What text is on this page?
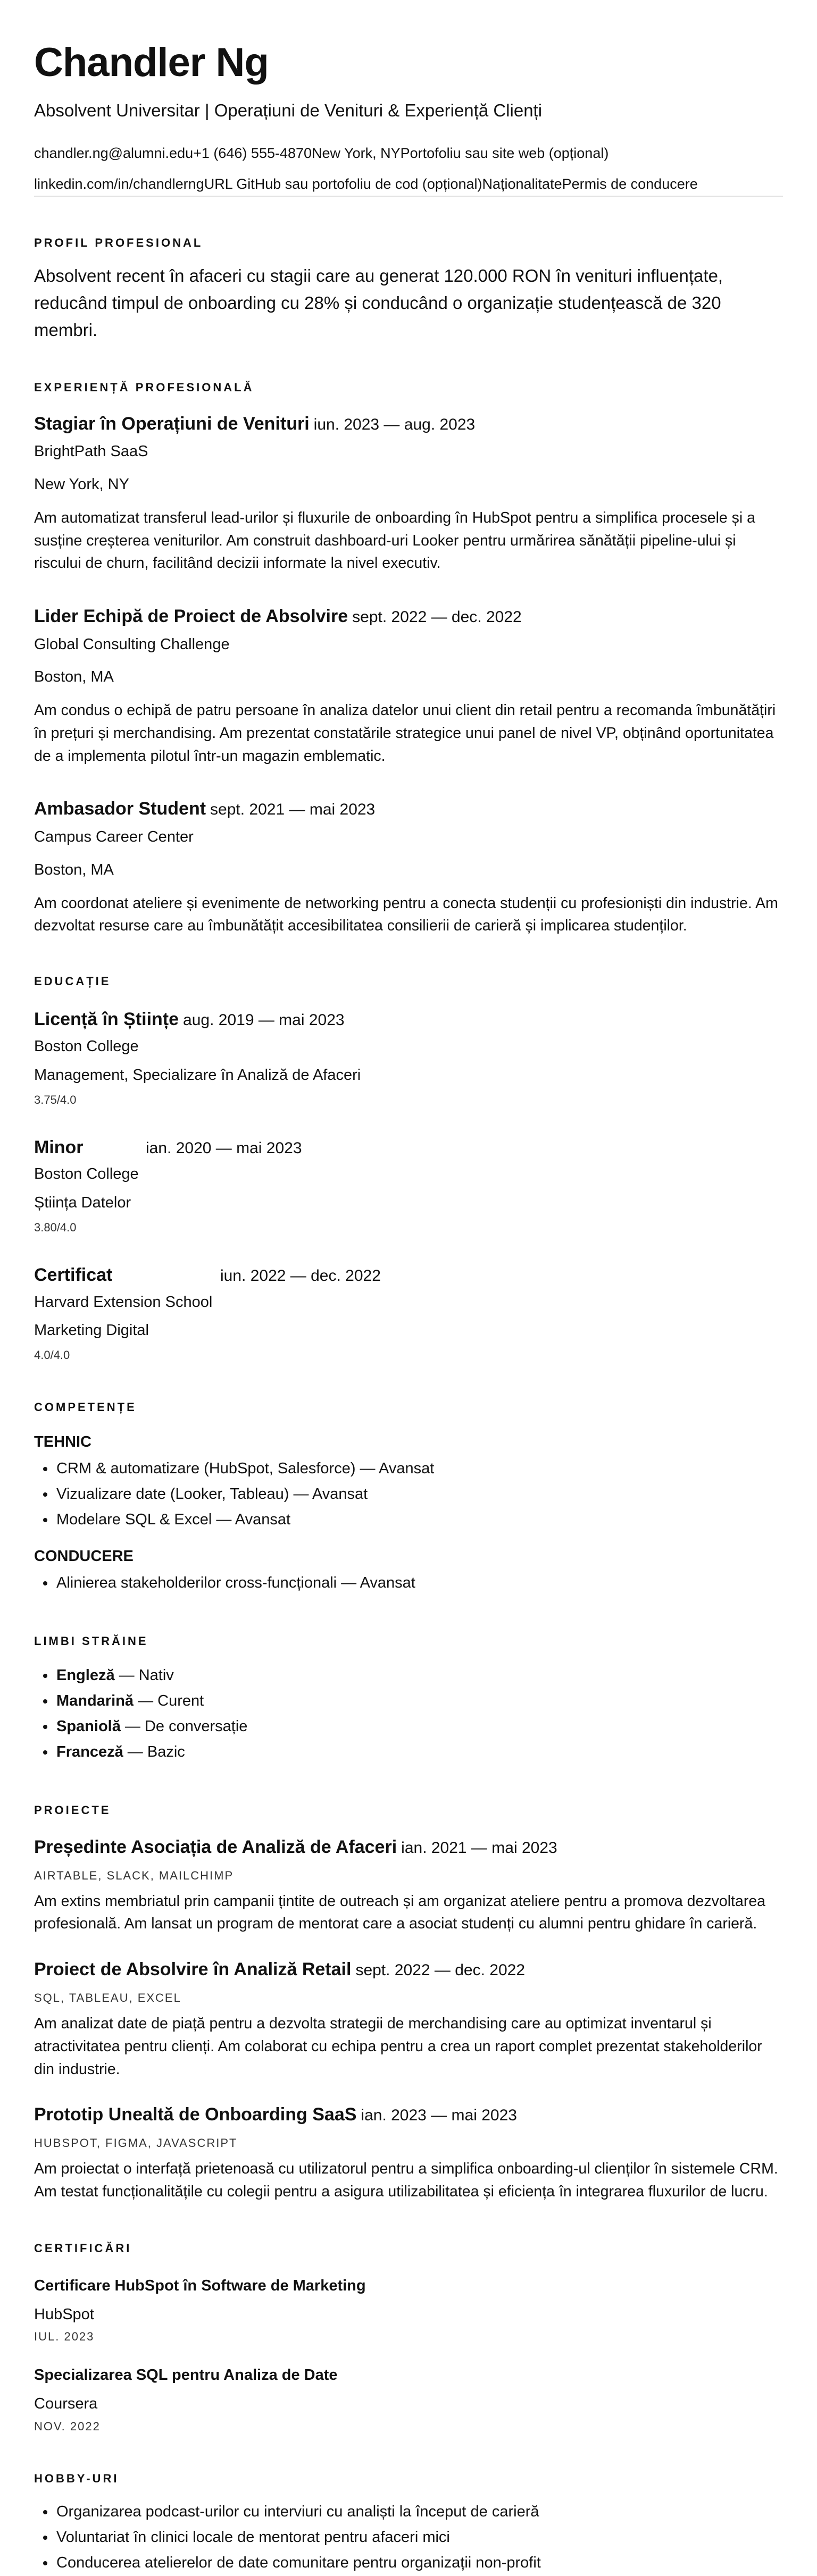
Chandler Ng
Absolvent Universitar | Operațiuni de Venituri & Experiență Clienți
chandler.ng@alumni.edu +1 (646) 555-4870 New York, NY Portofoliu sau site web (opțional)
linkedin.com/in/chandlerng URL GitHub sau portofoliu de cod (opțional) Naționalitate Permis de conducere
PROFIL PROFESIONAL
Absolvent recent în afaceri cu stagii care au generat 120.000 RON în venituri influențate, reducând timpul de onboarding cu 28% și conducând o organizație studențească de 320 membri.
EXPERIENȚĂ PROFESIONALĂ
Stagiar în Operațiuni de Venituri iun. 2023 — aug. 2023
BrightPath SaaS
New York, NY
Am automatizat transferul lead-urilor și fluxurile de onboarding în HubSpot pentru a simplifica procesele și a susține creșterea veniturilor. Am construit dashboard-uri Looker pentru urmărirea sănătății pipeline-ului și riscului de churn, facilitând decizii informate la nivel executiv.
Lider Echipă de Proiect de Absolvire sept. 2022 — dec. 2022
Global Consulting Challenge
Boston, MA
Am condus o echipă de patru persoane în analiza datelor unui client din retail pentru a recomanda îmbunătățiri în prețuri și merchandising. Am prezentat constatările strategice unui panel de nivel VP, obținând oportunitatea de a implementa pilotul într-un magazin emblematic.
Ambasador Student sept. 2021 — mai 2023
Campus Career Center
Boston, MA
Am coordonat ateliere și evenimente de networking pentru a conecta studenții cu profesioniști din industrie. Am dezvoltat resurse care au îmbunătățit accesibilitatea consilierii de carieră și implicarea studenților.
EDUCAȚIE
Licență în Științe aug. 2019 — mai 2023
Boston College
Management, Specializare în Analiză de Afaceri
3.75/4.0
Minor	ian. 2020 — mai 2023
Boston College
Știința Datelor
3.80/4.0
Certificat	iun. 2022 — dec. 2022
Harvard Extension School
Marketing Digital
4.0/4.0
COMPETENȚE
TEHNIC
• CRM & automatizare (HubSpot, Salesforce) — Avansat
• Vizualizare date (Looker, Tableau) — Avansat
• Modelare SQL & Excel — Avansat
CONDUCERE
• Alinierea stakeholderilor cross-funcționali — Avansat
LIMBI STRĂINE
• Engleză — Nativ
• Mandarină — Curent
• Spaniolă — De conversație
• Franceză — Bazic
PROIECTE
Președinte Asociația de Analiză de Afaceri ian. 2021 — mai 2023
AIRTABLE, SLACK, MAILCHIMP
Am extins membriatul prin campanii țintite de outreach și am organizat ateliere pentru a promova dezvoltarea profesională. Am lansat un program de mentorat care a asociat studenți cu alumni pentru ghidare în carieră.
Proiect de Absolvire în Analiză Retail sept. 2022 — dec. 2022
SQL, TABLEAU, EXCEL
Am analizat date de piață pentru a dezvolta strategii de merchandising care au optimizat inventarul și atractivitatea pentru clienți. Am colaborat cu echipa pentru a crea un raport complet prezentat stakeholderilor din industrie.
Prototip Unealtă de Onboarding SaaS ian. 2023 — mai 2023
HUBSPOT, FIGMA, JAVASCRIPT
Am proiectat o interfață prietenoasă cu utilizatorul pentru a simplifica onboarding-ul clienților în sistemele CRM. Am testat funcționalitățile cu colegii pentru a asigura utilizabilitatea și eficiența în integrarea fluxurilor de lucru.
CERTIFICĂRI
Certificare HubSpot în Software de Marketing
HubSpot
IUL. 2023
Specializarea SQL pentru Analiza de Date
Coursera
NOV. 2022
HOBBY-URI
• Organizarea podcast-urilor cu interviuri cu analiști la început de carieră
• Voluntariat în clinici locale de mentorat pentru afaceri mici
• Conducerea atelierelor de date comunitare pentru organizații non-profit
